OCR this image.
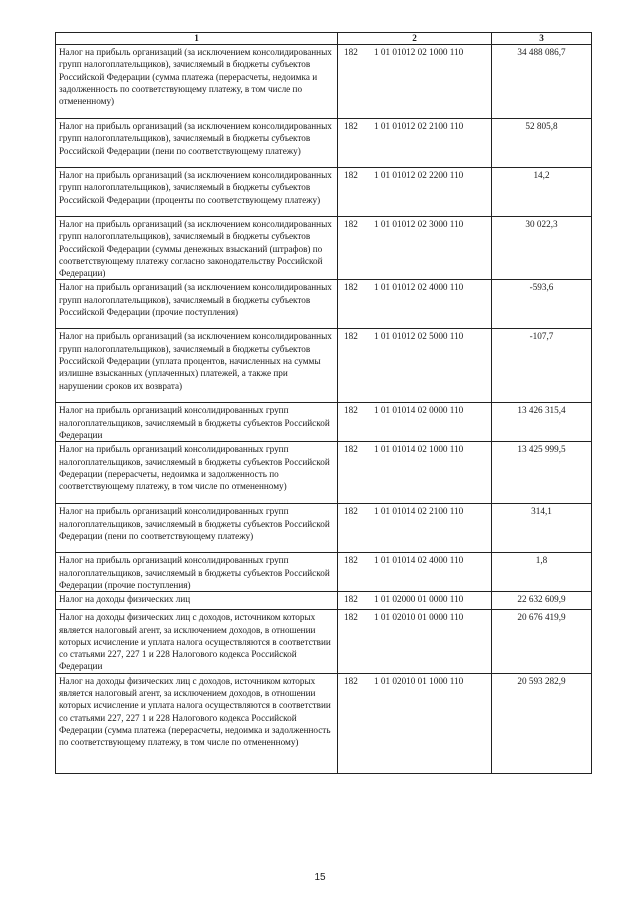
1	2	3
Налог на прибыль организаций (за исключением консолидированных групп налогоплательщиков), зачисляемый в бюджеты субъектов Российской Федерации (сумма платежа (перерасчеты, недоимка и задолженность по соответствующему платежу, в том числе по отмененному)	182 1 01 01012 02 1000 110	34 488 086,7
Налог на прибыль организаций (за исключением консолидированных групп налогоплательщиков), зачисляемый в бюджеты субъектов Российской Федерации (пени по соответствующему платежу)	182 1 01 01012 02 2100 110	52 805,8
Налог на прибыль организаций (за исключением консолидированных групп налогоплательщиков), зачисляемый в бюджеты субъектов Российской Федерации (проценты по соответствующему платежу)	182 1 01 01012 02 2200 110	14,2
Налог на прибыль организаций (за исключением консолидированных групп налогоплательщиков), зачисляемый в бюджеты субъектов Российской Федерации (суммы денежных взысканий (штрафов) по соответствующему платежу согласно законодательству Российской Федерации)	182 1 01 01012 02 3000 110	30 022,3
Налог на прибыль организаций (за исключением консолидированных групп налогоплательщиков), зачисляемый в бюджеты субъектов Российской Федерации (прочие поступления)	182 1 01 01012 02 4000 110	-593,6
Налог на прибыль организаций (за исключением консолидированных групп налогоплательщиков), зачисляемый в бюджеты субъектов Российской Федерации (уплата процентов, начисленных на суммы излишне взысканных (уплаченных) платежей, а также при нарушении сроков их возврата)	182 1 01 01012 02 5000 110	-107,7
Налог на прибыль организаций консолидированных групп налогоплательщиков, зачисляемый в бюджеты субъектов Российской Федерации	182 1 01 01014 02 0000 110	13 426 315,4
Налог на прибыль организаций консолидированных групп налогоплательщиков, зачисляемый в бюджеты субъектов Российской Федерации (перерасчеты, недоимка и задолженность по соответствующему платежу, в том числе по отмененному)	182 1 01 01014 02 1000 110	13 425 999,5
Налог на прибыль организаций консолидированных групп налогоплательщиков, зачисляемый в бюджеты субъектов Российской Федерации (пени по соответствующему платежу)	182 1 01 01014 02 2100 110	314,1
Налог на прибыль организаций консолидированных групп налогоплательщиков, зачисляемый в бюджеты субъектов Российской Федерации (прочие поступления)	182 1 01 01014 02 4000 110	1,8
Налог на доходы физических лиц	182 1 01 02000 01 0000 110	22 632 609,9
Налог на доходы физических лиц с доходов, источником которых является налоговый агент, за исключением доходов, в отношении которых исчисление и уплата налога осуществляются в соответствии со статьями 227, 227 1 и 228 Налогового кодекса Российской Федерации	182 1 01 02010 01 0000 110	20 676 419,9
Налог на доходы физических лиц с доходов, источником которых является налоговый агент, за исключением доходов, в отношении которых исчисление и уплата налога осуществляются в соответствии со статьями 227, 227 1 и 228 Налогового кодекса Российской Федерации (сумма платежа (перерасчеты, недоимка и задолженность по соответствующему платежу, в том числе по отмененному)	182 1 01 02010 01 1000 110	20 593 282,9
15
